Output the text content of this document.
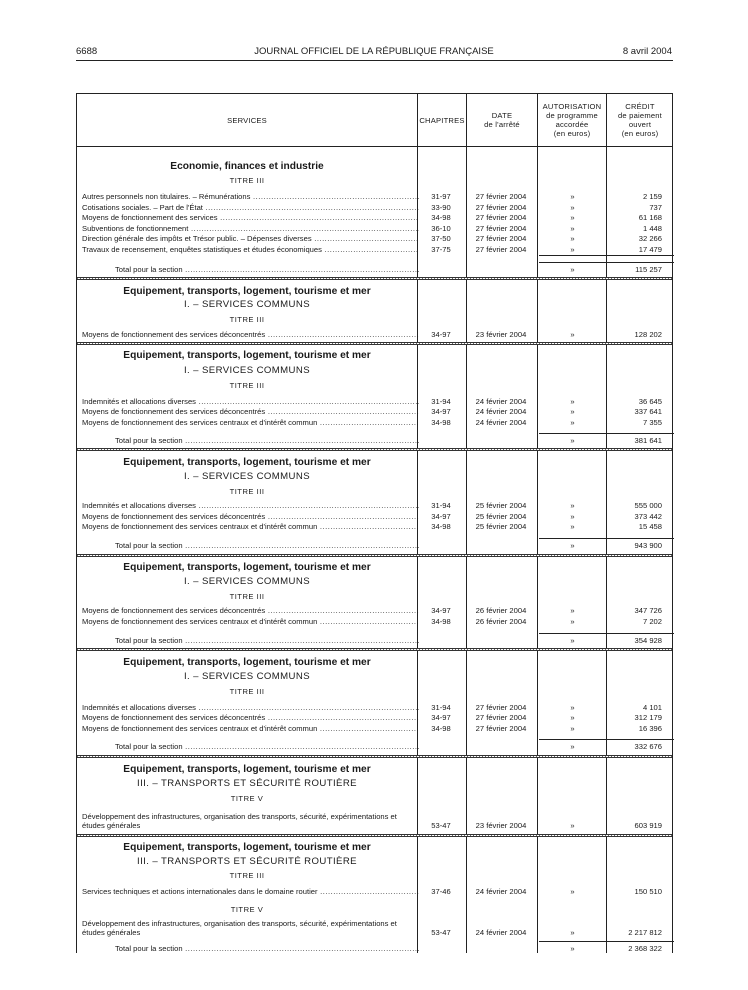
6688	JOURNAL OFFICIEL DE LA RÉPUBLIQUE FRANÇAISE	8 avril 2004
SERVICES	CHAPITRES	DATE
de l'arrêté
AUTORISATION
de programme
accordée
(en euros)
CRÉDIT
de paiement
ouvert
(en euros)
Economie, finances et industrie
TITRE III
Autres personnels non titulaires. – Rémunérations .....	31-97	27 février 2004	»	2 159
Cotisations sociales. – Part de l'État .....	33-90	27 février 2004	»	737
Moyens de fonctionnement des services .....	34-98	27 février 2004	»	61 168
Subventions de fonctionnement .....	36-10	27 février 2004	»	1 448
Direction générale des impôts et Trésor public. – Dépenses diverses .....	37-50	27 février 2004	»	32 266
Travaux de recensement, enquêtes statistiques et études économiques .....	37-75	27 février 2004	»	17 479
Total pour la section .....	»	115 257
Equipement, transports, logement, tourisme et mer
I. – SERVICES COMMUNS
TITRE III
Moyens de fonctionnement des services déconcentrés .....	34-97	23 février 2004	»	128 202
Equipement, transports, logement, tourisme et mer
I. – SERVICES COMMUNS
TITRE III
Indemnités et allocations diverses .....	31-94	24 février 2004	»	36 645
Moyens de fonctionnement des services déconcentrés .....	34-97	24 février 2004	»	337 641
Moyens de fonctionnement des services centraux et d'intérêt commun .....	34-98	24 février 2004	»	7 355
Total pour la section .....	»	381 641
Equipement, transports, logement, tourisme et mer
I. – SERVICES COMMUNS
TITRE III
Indemnités et allocations diverses .....	31-94	25 février 2004	»	555 000
Moyens de fonctionnement des services déconcentrés .....	34-97	25 février 2004	»	373 442
Moyens de fonctionnement des services centraux et d'intérêt commun .....	34-98	25 février 2004	»	15 458
Total pour la section .....	»	943 900
Equipement, transports, logement, tourisme et mer
I. – SERVICES COMMUNS
TITRE III
Moyens de fonctionnement des services déconcentrés .....	34-97	26 février 2004	»	347 726
Moyens de fonctionnement des services centraux et d'intérêt commun .....	34-98	26 février 2004	»	7 202
Total pour la section .....	»	354 928
Equipement, transports, logement, tourisme et mer
I. – SERVICES COMMUNS
TITRE III
Indemnités et allocations diverses .....	31-94	27 février 2004	»	4 101
Moyens de fonctionnement des services déconcentrés .....	34-97	27 février 2004	»	312 179
Moyens de fonctionnement des services centraux et d'intérêt commun .....	34-98	27 février 2004	»	16 396
Total pour la section .....	»	332 676
Equipement, transports, logement, tourisme et mer
III. – TRANSPORTS ET SÉCURITÉ ROUTIÈRE
TITRE V
Développement des infrastructures, organisation des transports, sécurité, expérimentations et études générales	53-47	23 février 2004	»	603 919
Equipement, transports, logement, tourisme et mer
III. – TRANSPORTS ET SÉCURITÉ ROUTIÈRE
TITRE III
Services techniques et actions internationales dans le domaine routier .....	37-46	24 février 2004	»	150 510
TITRE V
Développement des infrastructures, organisation des transports, sécurité, expérimentations et études générales	53-47	24 février 2004	»	2 217 812
Total pour la section .....	»	2 368 322
